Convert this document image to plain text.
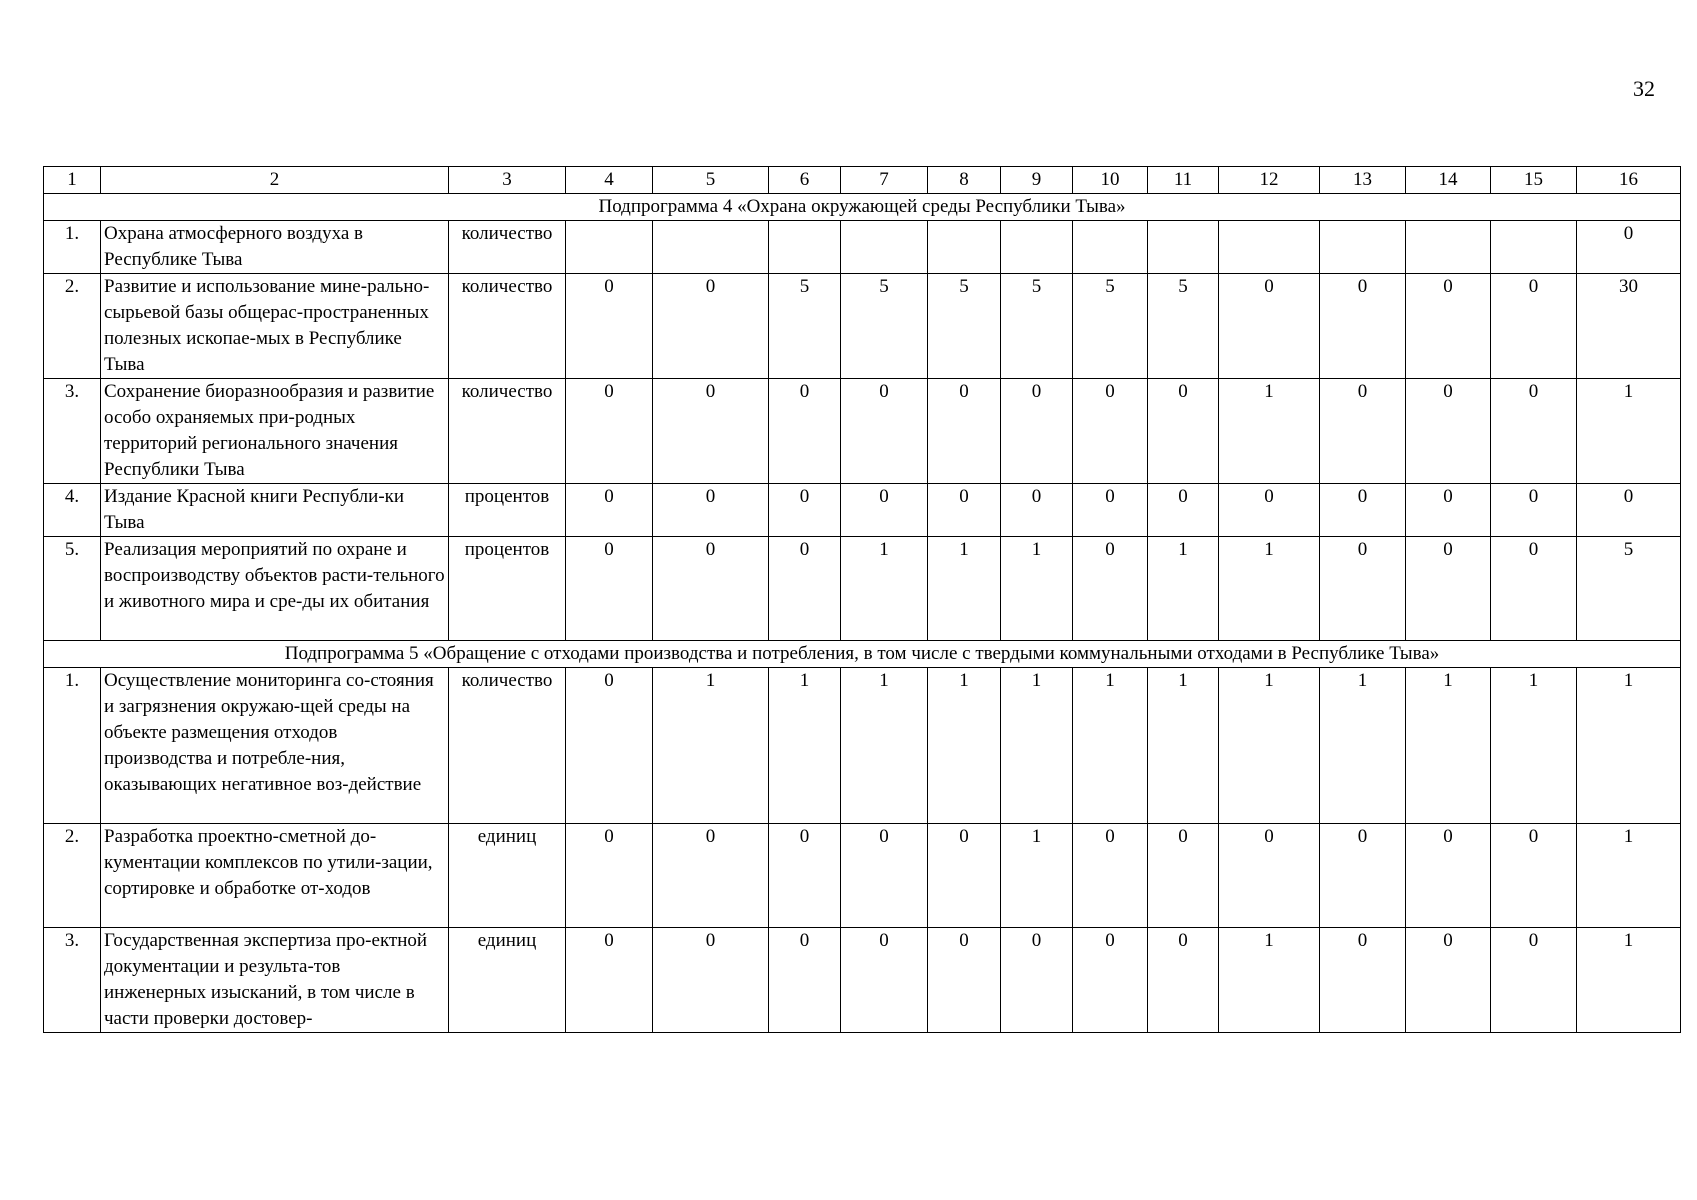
32
1	2	3	4	5	6	7	8	9	10	11	12	13	14	15	16
Подпрограмма 4 «Охрана окружающей среды Республики Тыва»															
1.	Охрана атмосферного воздуха в Республике Тыва	количество													0
2.	Развитие и использование мине-рально-сырьевой базы общерас-пространенных полезных ископае-мых в Республике Тыва	количество	0	0	5	5	5	5	5	5	0	0	0	0	30
3.	Сохранение биоразнообразия и развитие особо охраняемых при-родных территорий регионального значения Республики Тыва	количество	0	0	0	0	0	0	0	0	1	0	0	0	1
4.	Издание Красной книги Республи-ки Тыва	процентов	0	0	0	0	0	0	0	0	0	0	0	0	0
5.	Реализация мероприятий по охране и воспроизводству объектов расти-тельного и животного мира и сре-ды их обитания	процентов	0	0	0	1	1	1	0	1	1	0	0	0	5
Подпрограмма 5 «Обращение с отходами производства и потребления, в том числе с твердыми коммунальными отходами в Республике Тыва»															
1.	Осуществление мониторинга со-стояния и загрязнения окружаю-щей среды на объекте размещения отходов производства и потребле-ния, оказывающих негативное воз-действие	количество	0	1	1	1	1	1	1	1	1	1	1	1	1
2.	Разработка проектно-сметной до-кументации комплексов по утили-зации, сортировке и обработке от-ходов	единиц	0	0	0	0	0	1	0	0	0	0	0	0	1
3.	Государственная экспертиза про-ектной документации и результа-тов инженерных изысканий, в том числе в части проверки достовер-	единиц	0	0	0	0	0	0	0	0	1	0	0	0	1
